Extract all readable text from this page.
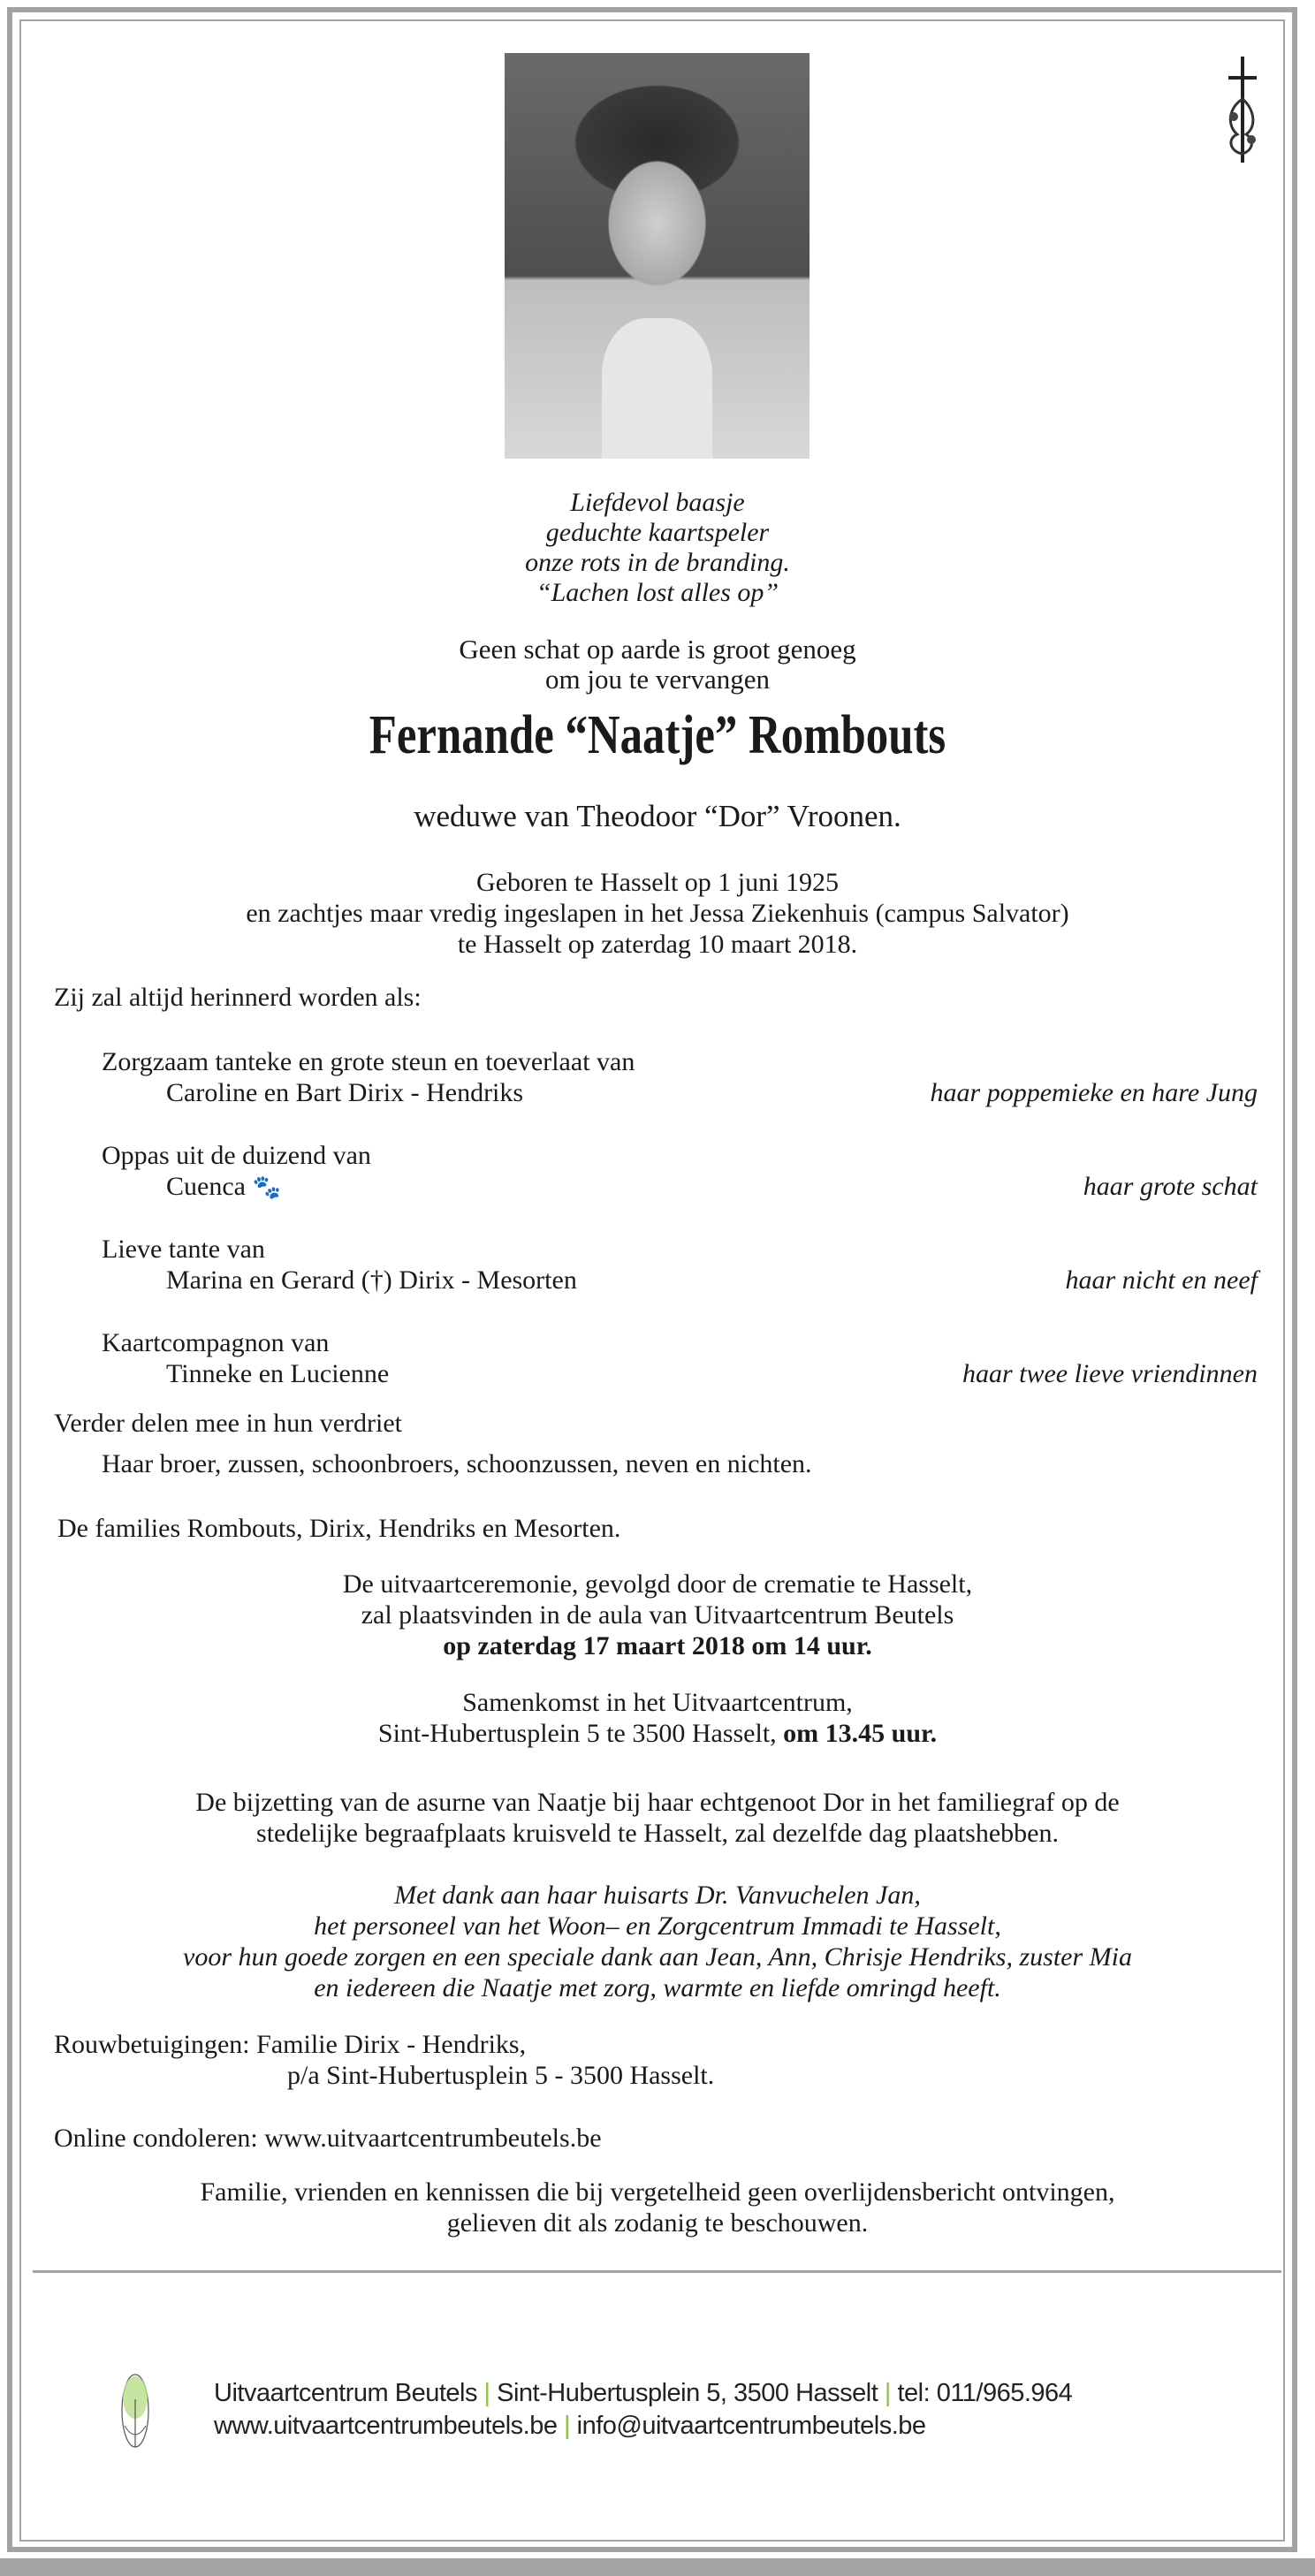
Liefdevol baasje
geduchte kaartspeler
onze rots in de branding.
“Lachen lost alles op”
Geen schat op aarde is groot genoeg
om jou te vervangen
Fernande “Naatje” Rombouts
weduwe van Theodoor “Dor” Vroonen.
Geboren te Hasselt op 1 juni 1925
en zachtjes maar vredig ingeslapen in het Jessa Ziekenhuis (campus Salvator)
te Hasselt op zaterdag 10 maart 2018.
Zij zal altijd herinnerd worden als:
Zorgzaam tanteke en grote steun en toeverlaat van
Caroline en Bart Dirix - Hendriks	haar poppemieke en hare Jung
Oppas uit de duizend van
Cuenca 🐾	haar grote schat
Lieve tante van
Marina en Gerard (†) Dirix - Mesorten	haar nicht en neef
Kaartcompagnon van
Tinneke en Lucienne	haar twee lieve vriendinnen
Verder delen mee in hun verdriet
Haar broer, zussen, schoonbroers, schoonzussen, neven en nichten.
De families Rombouts, Dirix, Hendriks en Mesorten.
De uitvaartceremonie, gevolgd door de crematie te Hasselt,
zal plaatsvinden in de aula van Uitvaartcentrum Beutels
op zaterdag 17 maart 2018 om 14 uur.
Samenkomst in het Uitvaartcentrum,
Sint-Hubertusplein 5 te 3500 Hasselt, om 13.45 uur.
De bijzetting van de asurne van Naatje bij haar echtgenoot Dor in het familiegraf op de
stedelijke begraafplaats kruisveld te Hasselt, zal dezelfde dag plaatshebben.
Met dank aan haar huisarts Dr. Vanvuchelen Jan,
het personeel van het Woon– en Zorgcentrum Immadi te Hasselt,
voor hun goede zorgen en een speciale dank aan Jean, Ann, Chrisje Hendriks, zuster Mia
en iedereen die Naatje met zorg, warmte en liefde omringd heeft.
Rouwbetuigingen: Familie Dirix - Hendriks,
p/a Sint-Hubertusplein 5 - 3500 Hasselt.
Online condoleren: www.uitvaartcentrumbeutels.be
Familie, vrienden en kennissen die bij vergetelheid geen overlijdensbericht ontvingen,
gelieven dit als zodanig te beschouwen.
Uitvaartcentrum Beutels | Sint-Hubertusplein 5, 3500 Hasselt | tel: 011/965.964
www.uitvaartcentrumbeutels.be | info@uitvaartcentrumbeutels.be
